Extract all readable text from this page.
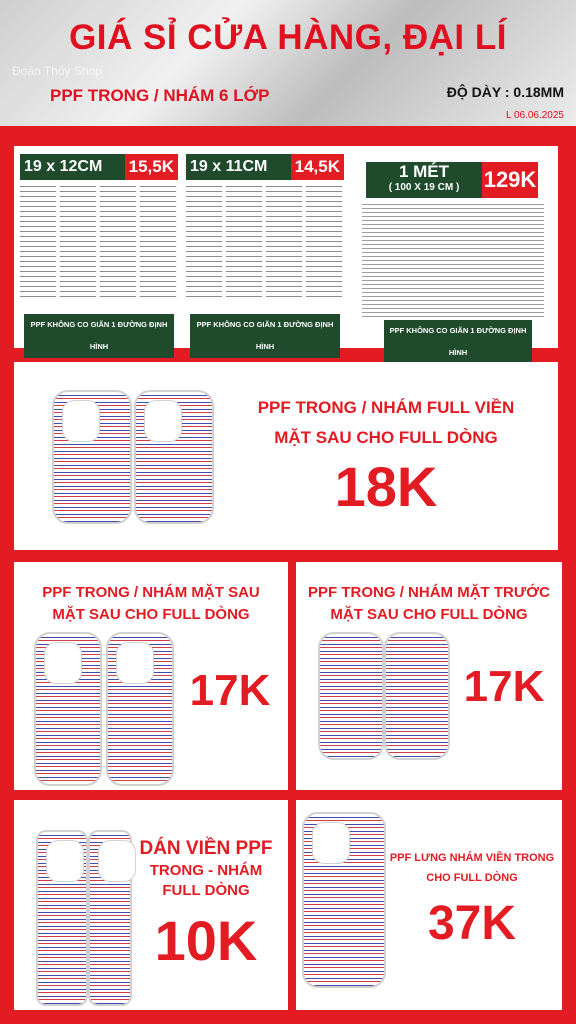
GIÁ SỈ CỬA HÀNG, ĐẠI LÍ
Đoàn Thủy Shop
PPF TRONG / NHÁM 6 LỚP	ĐỘ DÀY : 0.18MM
L 06.06.2025
19 x 12CM	15,5K
PPF KHÔNG CO GIÃN 1 ĐƯỜNG ĐỊNH HÌNH
19 x 11CM	14,5K
PPF KHÔNG CO GIÃN 1 ĐƯỜNG ĐỊNH HÌNH
1 MÉT
( 100 X 19 CM )	129K
PPF KHÔNG CO GIÃN 1 ĐƯỜNG ĐỊNH HÌNH
PPF TRONG / NHÁM FULL VIỀN
MẶT SAU CHO FULL DÒNG
18K
PPF TRONG / NHÁM MẶT SAU
MẶT SAU CHO FULL DÒNG
17K
PPF TRONG / NHÁM MẶT TRƯỚC
MẶT SAU CHO FULL DÒNG
17K
DÁN VIỀN PPF
TRONG - NHÁM
FULL DÒNG
10K
PPF LƯNG NHÁM VIỀN TRONG
CHO FULL DÒNG
37K
